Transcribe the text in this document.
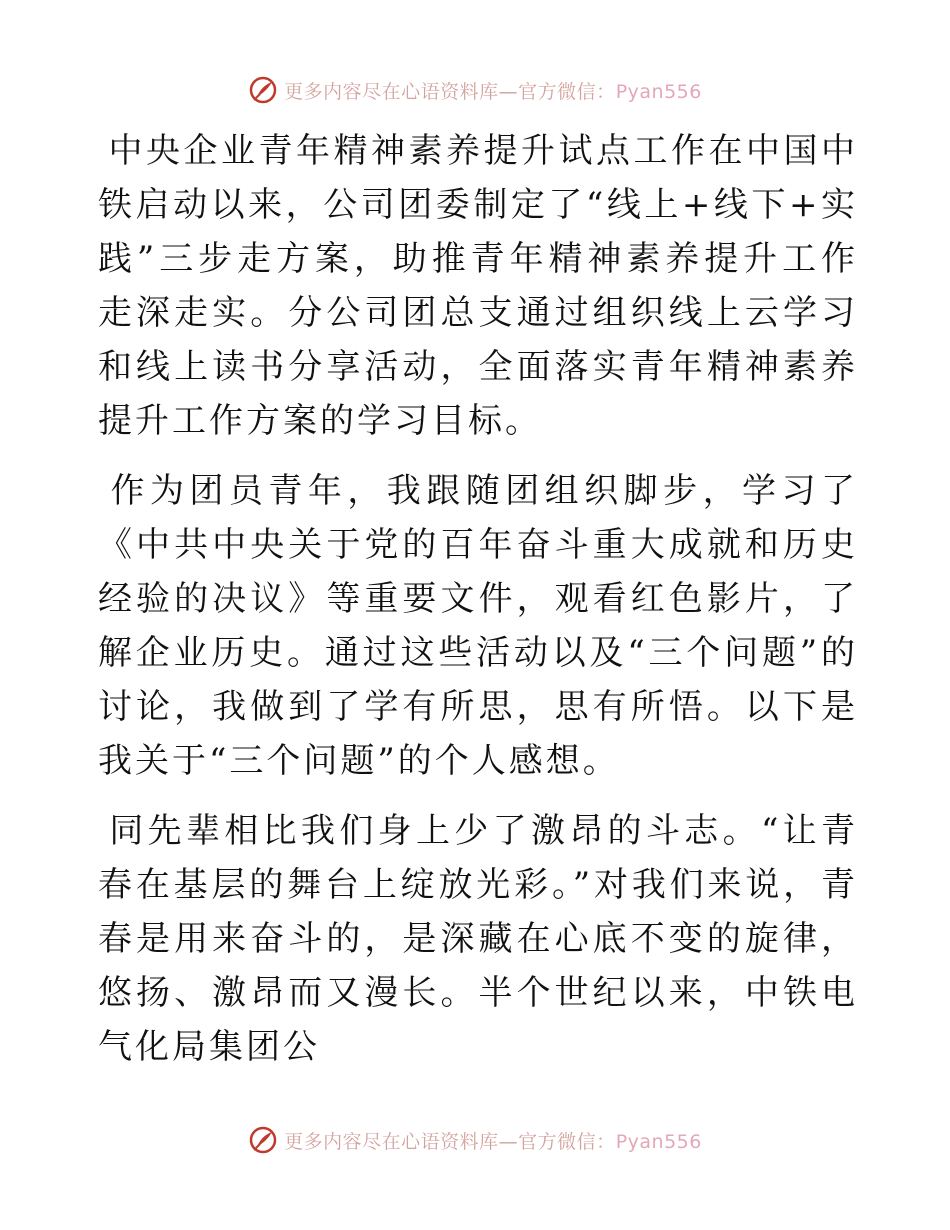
更多内容尽在心语资料库—官方微信：Pyan556

中央企业青年精神素养提升试点工作在中国中铁启动以来，公司团委制定了“线上+线下+实践”三步走方案，助推青年精神素养提升工作走深走实。分公司团总支通过组织线上云学习和线上读书分享活动，全面落实青年精神素养提升工作方案的学习目标。

作为团员青年，我跟随团组织脚步，学习了《中共中央关于党的百年奋斗重大成就和历史经验的决议》等重要文件，观看红色影片，了解企业历史。通过这些活动以及“三个问题”的讨论，我做到了学有所思，思有所悟。以下是我关于“三个问题”的个人感想。

同先辈相比我们身上少了激昂的斗志。“让青春在基层的舞台上绽放光彩。”对我们来说，青春是用来奋斗的，是深藏在心底不变的旋律，悠扬、激昂而又漫长。半个世纪以来，中铁电气化局集团公

更多内容尽在心语资料库—官方微信：Pyan556
